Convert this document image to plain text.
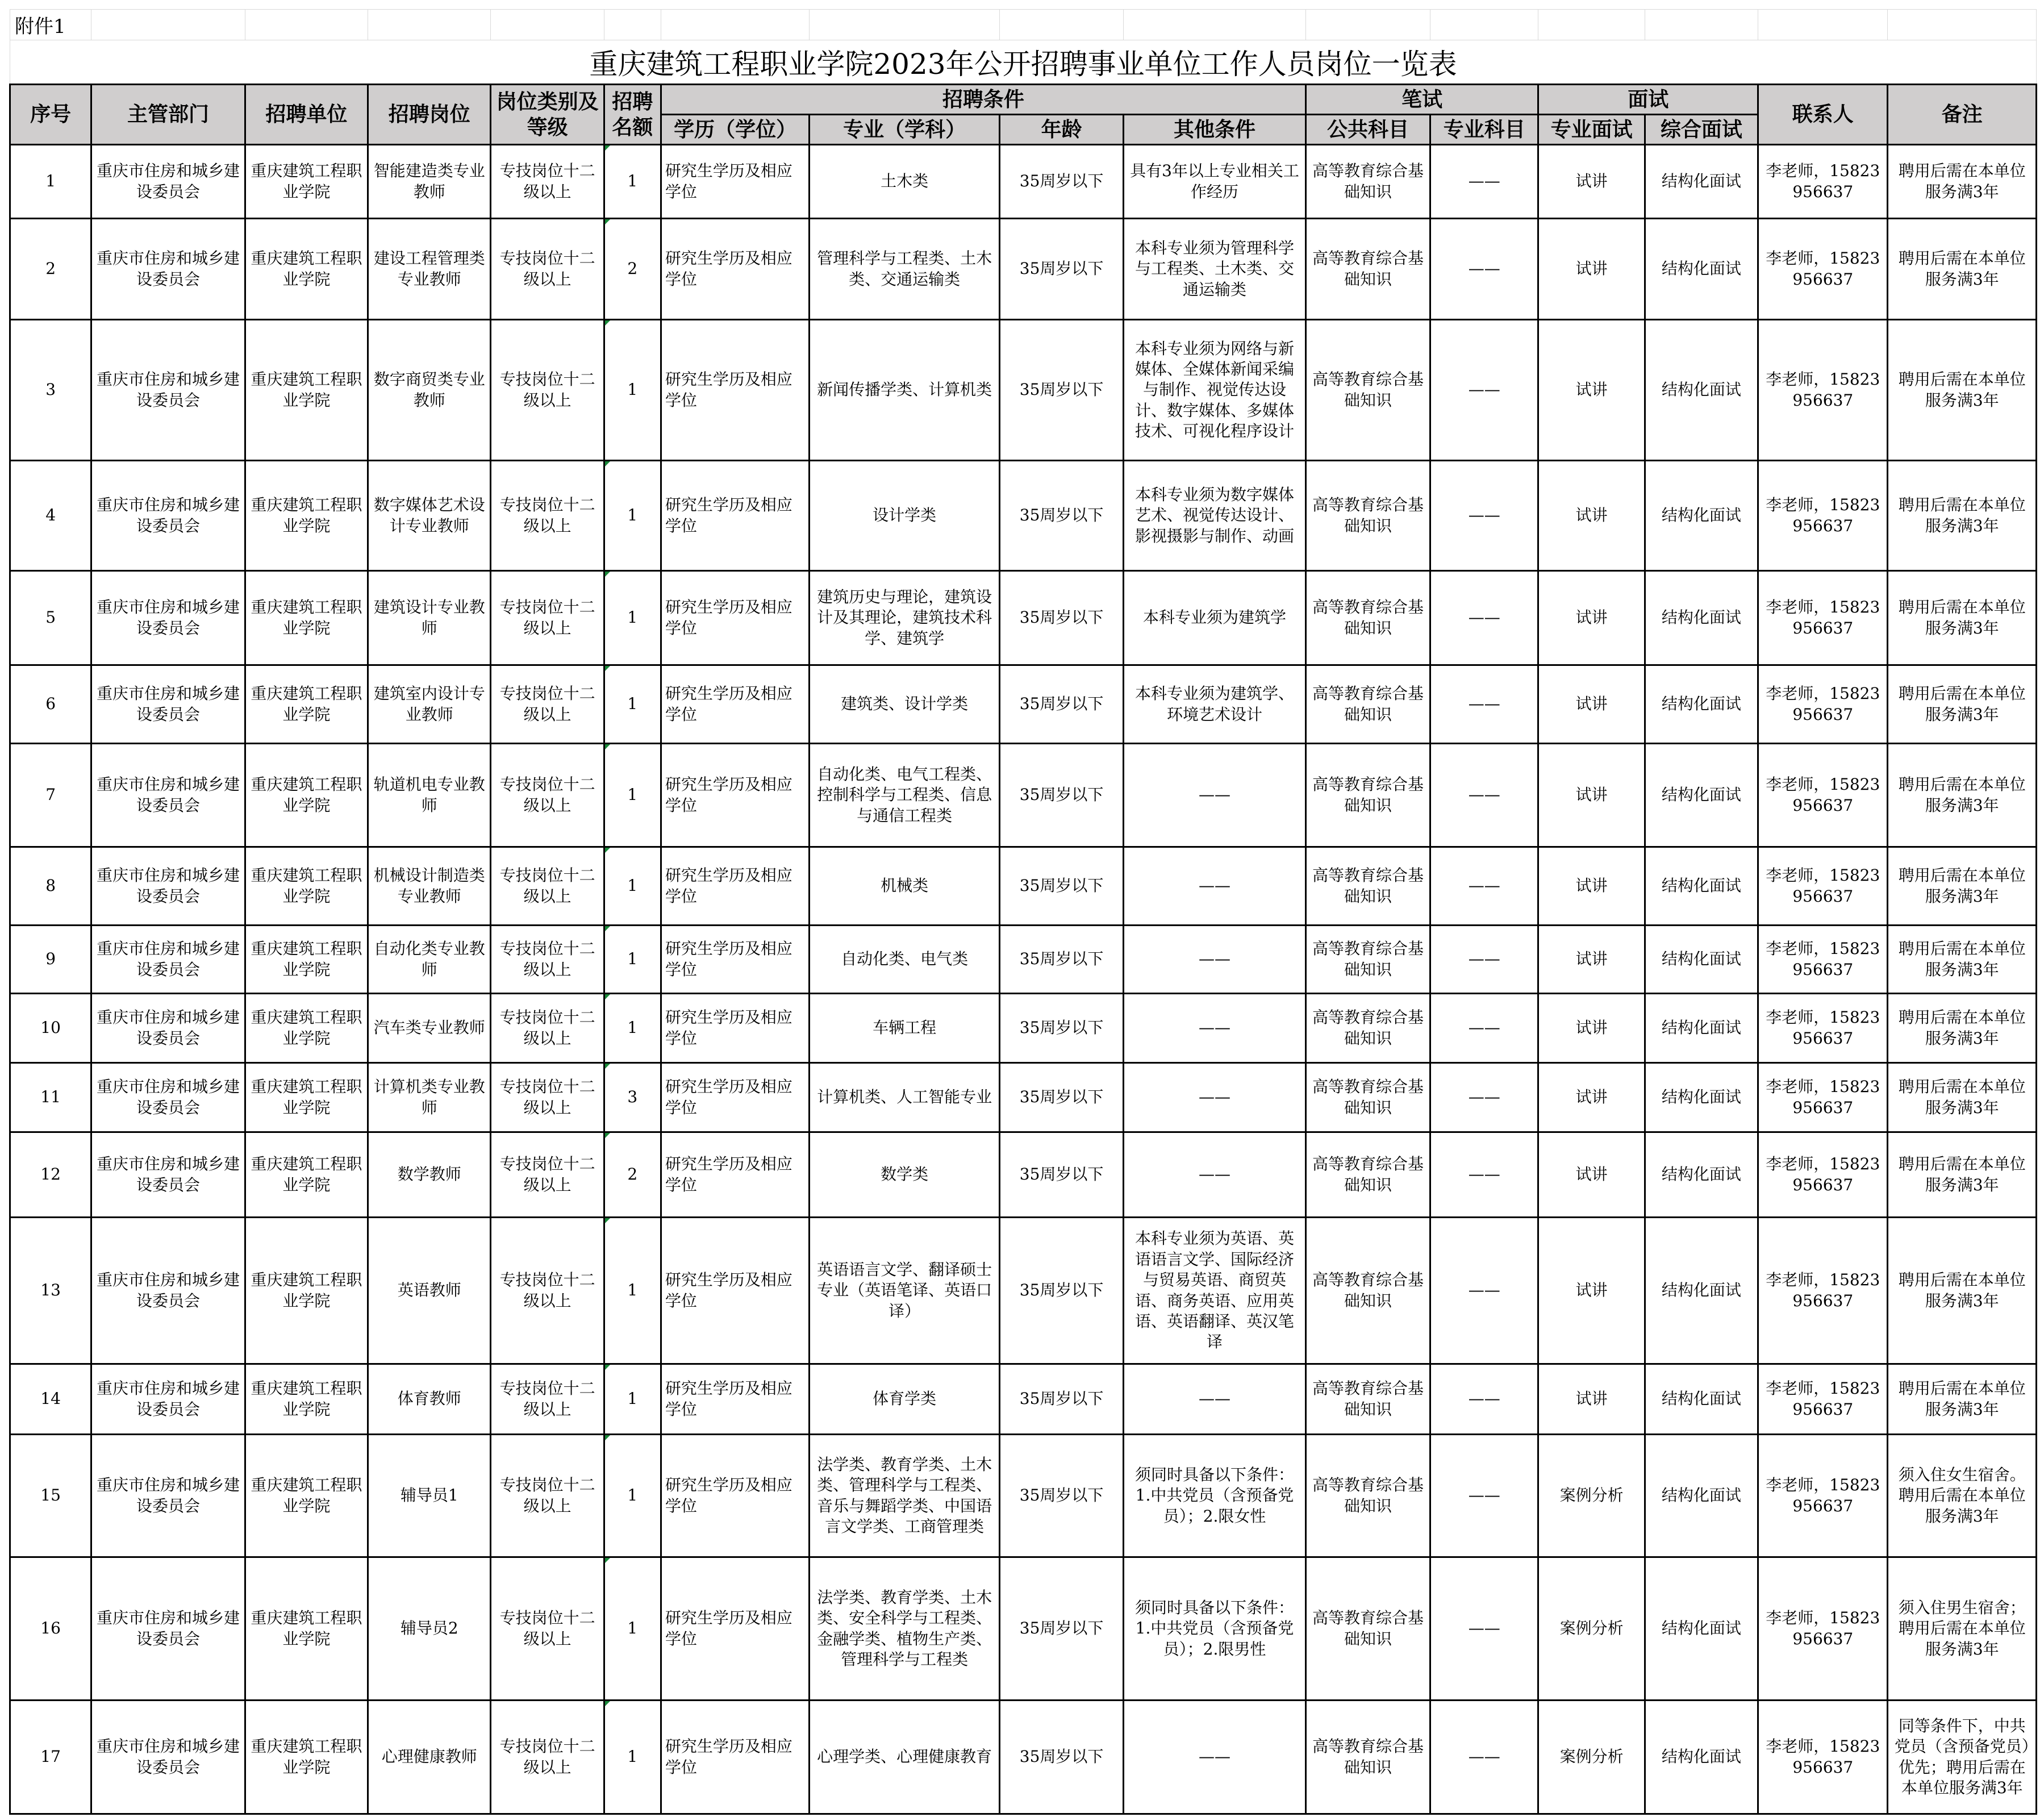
附件1															
重庆建筑工程职业学院2023年公开招聘事业单位工作人员岗位一览表															
序号	主管部门	招聘单位	招聘岗位	岗位类别及等级	招聘名额	招聘条件				笔试		面试		联系人	备注
						学历（学位）	专业（学科）	年龄	其他条件	公共科目	专业科目	专业面试	综合面试		
1	重庆市住房和城乡建设委员会	重庆建筑工程职业学院	智能建造类专业教师	专技岗位十二级以上	1	研究生学历及相应学位	土木类	35周岁以下	具有3年以上专业相关工作经历	高等教育综合基础知识	——	试讲	结构化面试	李老师，15823956637	聘用后需在本单位服务满3年
2	重庆市住房和城乡建设委员会	重庆建筑工程职业学院	建设工程管理类专业教师	专技岗位十二级以上	2	研究生学历及相应学位	管理科学与工程类、土木类、交通运输类	35周岁以下	本科专业须为管理科学与工程类、土木类、交通运输类	高等教育综合基础知识	——	试讲	结构化面试	李老师，15823956637	聘用后需在本单位服务满3年
3	重庆市住房和城乡建设委员会	重庆建筑工程职业学院	数字商贸类专业教师	专技岗位十二级以上	1	研究生学历及相应学位	新闻传播学类、计算机类	35周岁以下	本科专业须为网络与新媒体、全媒体新闻采编与制作、视觉传达设计、数字媒体、多媒体技术、可视化程序设计	高等教育综合基础知识	——	试讲	结构化面试	李老师，15823956637	聘用后需在本单位服务满3年
4	重庆市住房和城乡建设委员会	重庆建筑工程职业学院	数字媒体艺术设计专业教师	专技岗位十二级以上	1	研究生学历及相应学位	设计学类	35周岁以下	本科专业须为数字媒体艺术、视觉传达设计、影视摄影与制作、动画	高等教育综合基础知识	——	试讲	结构化面试	李老师，15823956637	聘用后需在本单位服务满3年
5	重庆市住房和城乡建设委员会	重庆建筑工程职业学院	建筑设计专业教师	专技岗位十二级以上	1	研究生学历及相应学位	建筑历史与理论，建筑设计及其理论，建筑技术科学、建筑学	35周岁以下	本科专业须为建筑学	高等教育综合基础知识	——	试讲	结构化面试	李老师，15823956637	聘用后需在本单位服务满3年
6	重庆市住房和城乡建设委员会	重庆建筑工程职业学院	建筑室内设计专业教师	专技岗位十二级以上	1	研究生学历及相应学位	建筑类、设计学类	35周岁以下	本科专业须为建筑学、环境艺术设计	高等教育综合基础知识	——	试讲	结构化面试	李老师，15823956637	聘用后需在本单位服务满3年
7	重庆市住房和城乡建设委员会	重庆建筑工程职业学院	轨道机电专业教师	专技岗位十二级以上	1	研究生学历及相应学位	自动化类、电气工程类、控制科学与工程类、信息与通信工程类	35周岁以下	——	高等教育综合基础知识	——	试讲	结构化面试	李老师，15823956637	聘用后需在本单位服务满3年
8	重庆市住房和城乡建设委员会	重庆建筑工程职业学院	机械设计制造类专业教师	专技岗位十二级以上	1	研究生学历及相应学位	机械类	35周岁以下	——	高等教育综合基础知识	——	试讲	结构化面试	李老师，15823956637	聘用后需在本单位服务满3年
9	重庆市住房和城乡建设委员会	重庆建筑工程职业学院	自动化类专业教师	专技岗位十二级以上	1	研究生学历及相应学位	自动化类、电气类	35周岁以下	——	高等教育综合基础知识	——	试讲	结构化面试	李老师，15823956637	聘用后需在本单位服务满3年
10	重庆市住房和城乡建设委员会	重庆建筑工程职业学院	汽车类专业教师	专技岗位十二级以上	1	研究生学历及相应学位	车辆工程	35周岁以下	——	高等教育综合基础知识	——	试讲	结构化面试	李老师，15823956637	聘用后需在本单位服务满3年
11	重庆市住房和城乡建设委员会	重庆建筑工程职业学院	计算机类专业教师	专技岗位十二级以上	3	研究生学历及相应学位	计算机类、人工智能专业	35周岁以下	——	高等教育综合基础知识	——	试讲	结构化面试	李老师，15823956637	聘用后需在本单位服务满3年
12	重庆市住房和城乡建设委员会	重庆建筑工程职业学院	数学教师	专技岗位十二级以上	2	研究生学历及相应学位	数学类	35周岁以下	——	高等教育综合基础知识	——	试讲	结构化面试	李老师，15823956637	聘用后需在本单位服务满3年
13	重庆市住房和城乡建设委员会	重庆建筑工程职业学院	英语教师	专技岗位十二级以上	1	研究生学历及相应学位	英语语言文学、翻译硕士专业（英语笔译、英语口译）	35周岁以下	本科专业须为英语、英语语言文学、国际经济与贸易英语、商贸英语、商务英语、应用英语、英语翻译、英汉笔译	高等教育综合基础知识	——	试讲	结构化面试	李老师，15823956637	聘用后需在本单位服务满3年
14	重庆市住房和城乡建设委员会	重庆建筑工程职业学院	体育教师	专技岗位十二级以上	1	研究生学历及相应学位	体育学类	35周岁以下	——	高等教育综合基础知识	——	试讲	结构化面试	李老师，15823956637	聘用后需在本单位服务满3年
15	重庆市住房和城乡建设委员会	重庆建筑工程职业学院	辅导员1	专技岗位十二级以上	1	研究生学历及相应学位	法学类、教育学类、土木类、管理科学与工程类、音乐与舞蹈学类、中国语言文学类、工商管理类	35周岁以下	须同时具备以下条件：1.中共党员（含预备党员）；2.限女性	高等教育综合基础知识	——	案例分析	结构化面试	李老师，15823956637	须入住女生宿舍。聘用后需在本单位服务满3年
16	重庆市住房和城乡建设委员会	重庆建筑工程职业学院	辅导员2	专技岗位十二级以上	1	研究生学历及相应学位	法学类、教育学类、土木类、安全科学与工程类、金融学类、植物生产类、管理科学与工程类	35周岁以下	须同时具备以下条件：1.中共党员（含预备党员）；2.限男性	高等教育综合基础知识	——	案例分析	结构化面试	李老师，15823956637	须入住男生宿舍；聘用后需在本单位服务满3年
17	重庆市住房和城乡建设委员会	重庆建筑工程职业学院	心理健康教师	专技岗位十二级以上	1	研究生学历及相应学位	心理学类、心理健康教育	35周岁以下	——	高等教育综合基础知识	——	案例分析	结构化面试	李老师，15823956637	同等条件下，中共党员（含预备党员）优先；聘用后需在本单位服务满3年
